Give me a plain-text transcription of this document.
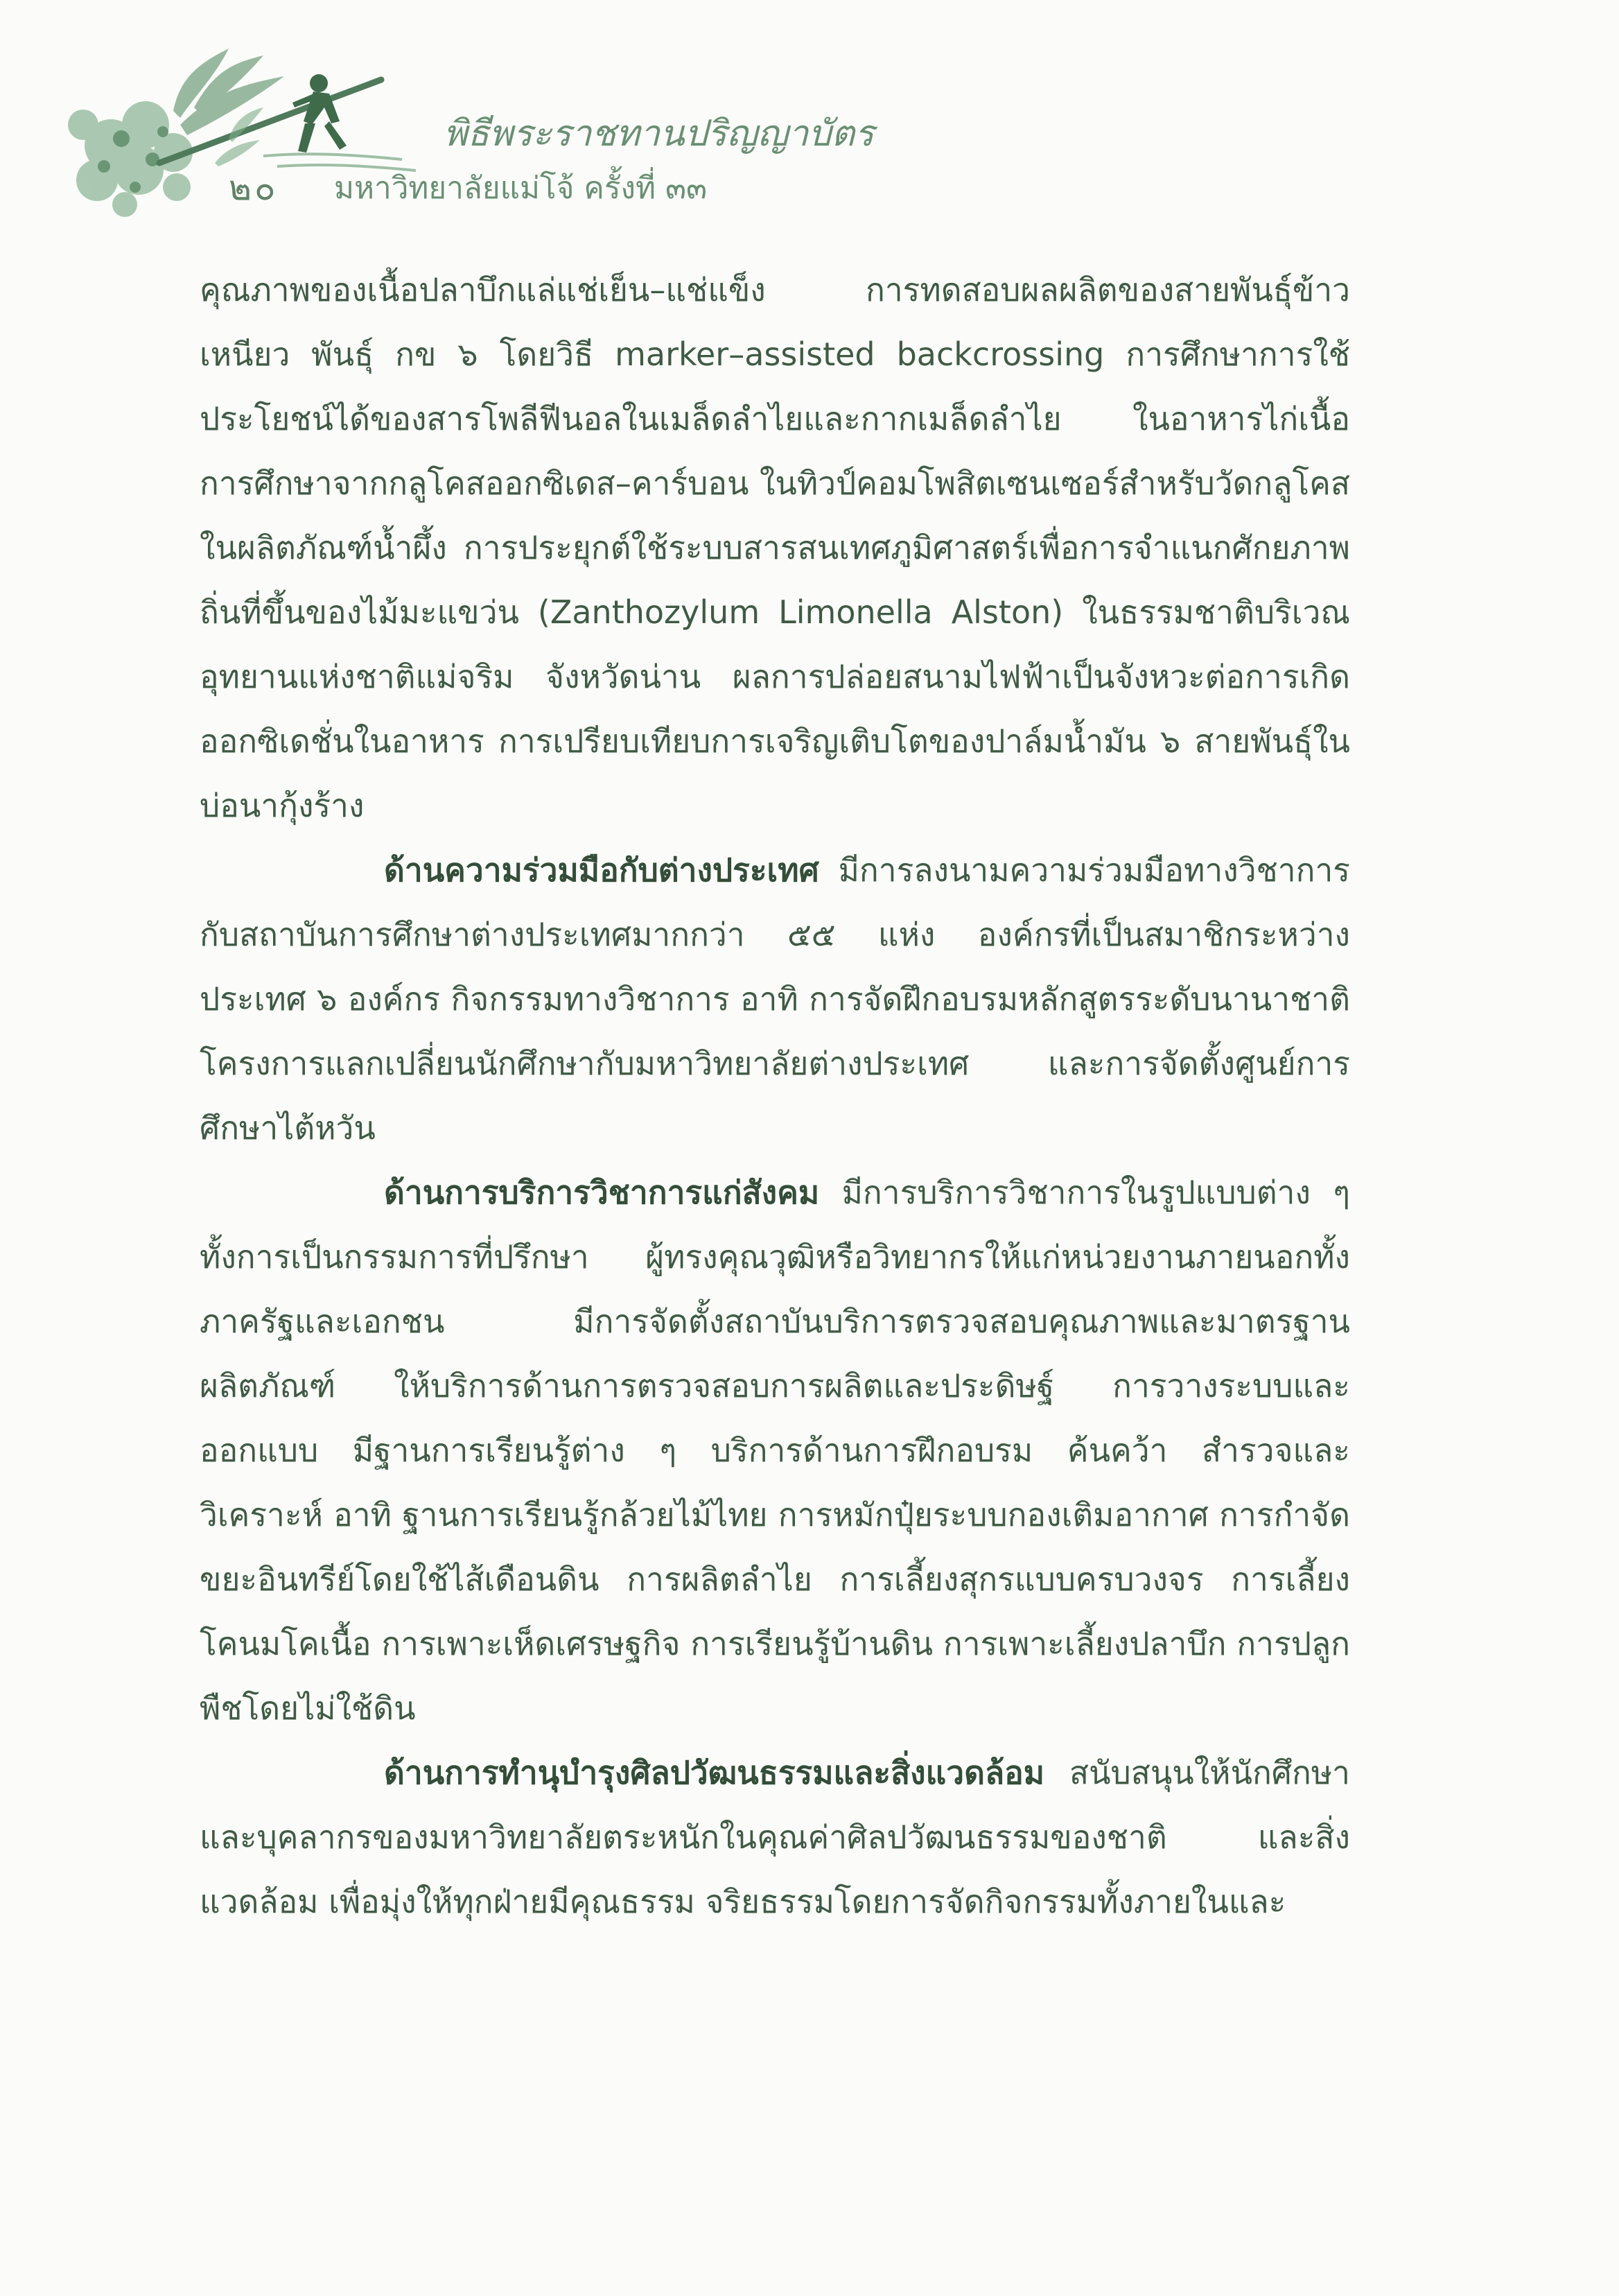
พิธีพระราชทานปริญญาบัตร
๒๐ มหาวิทยาลัยแม่โจ้ ครั้งที่ ๓๓

คุณภาพของเนื้อปลาบึกแล่แช่เย็น–แช่แข็ง การทดสอบผลผลิตของสายพันธุ์ข้าวเหนียว พันธุ์ กข ๖ โดยวิธี marker–assisted backcrossing การศึกษาการใช้ประโยชน์ได้ของสารโพลีฟีนอลในเมล็ดลำไยและกากเมล็ดลำไย ในอาหารไก่เนื้อ การศึกษาจากกลูโคสออกซิเดส–คาร์บอน ในทิวป์คอมโพสิตเซนเซอร์สำหรับวัดกลูโคสในผลิตภัณฑ์น้ำผึ้ง การประยุกต์ใช้ระบบสารสนเทศภูมิศาสตร์เพื่อการจำแนกศักยภาพถิ่นที่ขึ้นของไม้มะแขว่น (Zanthozylum Limonella Alston) ในธรรมชาติบริเวณอุทยานแห่งชาติแม่จริม จังหวัดน่าน ผลการปล่อยสนามไฟฟ้าเป็นจังหวะต่อการเกิดออกซิเดชั่นในอาหาร การเปรียบเทียบการเจริญเติบโตของปาล์มน้ำมัน ๖ สายพันธุ์ในบ่อนากุ้งร้าง

ด้านความร่วมมือกับต่างประเทศ มีการลงนามความร่วมมือทางวิชาการกับสถาบันการศึกษาต่างประเทศมากกว่า ๕๕ แห่ง องค์กรที่เป็นสมาชิกระหว่างประเทศ ๖ องค์กร กิจกรรมทางวิชาการ อาทิ การจัดฝึกอบรมหลักสูตรระดับนานาชาติ โครงการแลกเปลี่ยนนักศึกษากับมหาวิทยาลัยต่างประเทศ และการจัดตั้งศูนย์การศึกษาไต้หวัน

ด้านการบริการวิชาการแก่สังคม มีการบริการวิชาการในรูปแบบต่าง ๆ ทั้งการเป็นกรรมการที่ปรึกษา ผู้ทรงคุณวุฒิหรือวิทยากรให้แก่หน่วยงานภายนอกทั้งภาครัฐและเอกชน มีการจัดตั้งสถาบันบริการตรวจสอบคุณภาพและมาตรฐานผลิตภัณฑ์ ให้บริการด้านการตรวจสอบการผลิตและประดิษฐ์ การวางระบบและออกแบบ มีฐานการเรียนรู้ต่าง ๆ บริการด้านการฝึกอบรม ค้นคว้า สำรวจและวิเคราะห์ อาทิ ฐานการเรียนรู้กล้วยไม้ไทย การหมักปุ๋ยระบบกองเติมอากาศ การกำจัดขยะอินทรีย์โดยใช้ไส้เดือนดิน การผลิตลำไย การเลี้ยงสุกรแบบครบวงจร การเลี้ยงโคนมโคเนื้อ การเพาะเห็ดเศรษฐกิจ การเรียนรู้บ้านดิน การเพาะเลี้ยงปลาบึก การปลูกพืชโดยไม่ใช้ดิน

ด้านการทำนุบำรุงศิลปวัฒนธรรมและสิ่งแวดล้อม สนับสนุนให้นักศึกษาและบุคลากรของมหาวิทยาลัยตระหนักในคุณค่าศิลปวัฒนธรรมของชาติ และสิ่งแวดล้อม เพื่อมุ่งให้ทุกฝ่ายมีคุณธรรม จริยธรรมโดยการจัดกิจกรรมทั้งภายในและ
